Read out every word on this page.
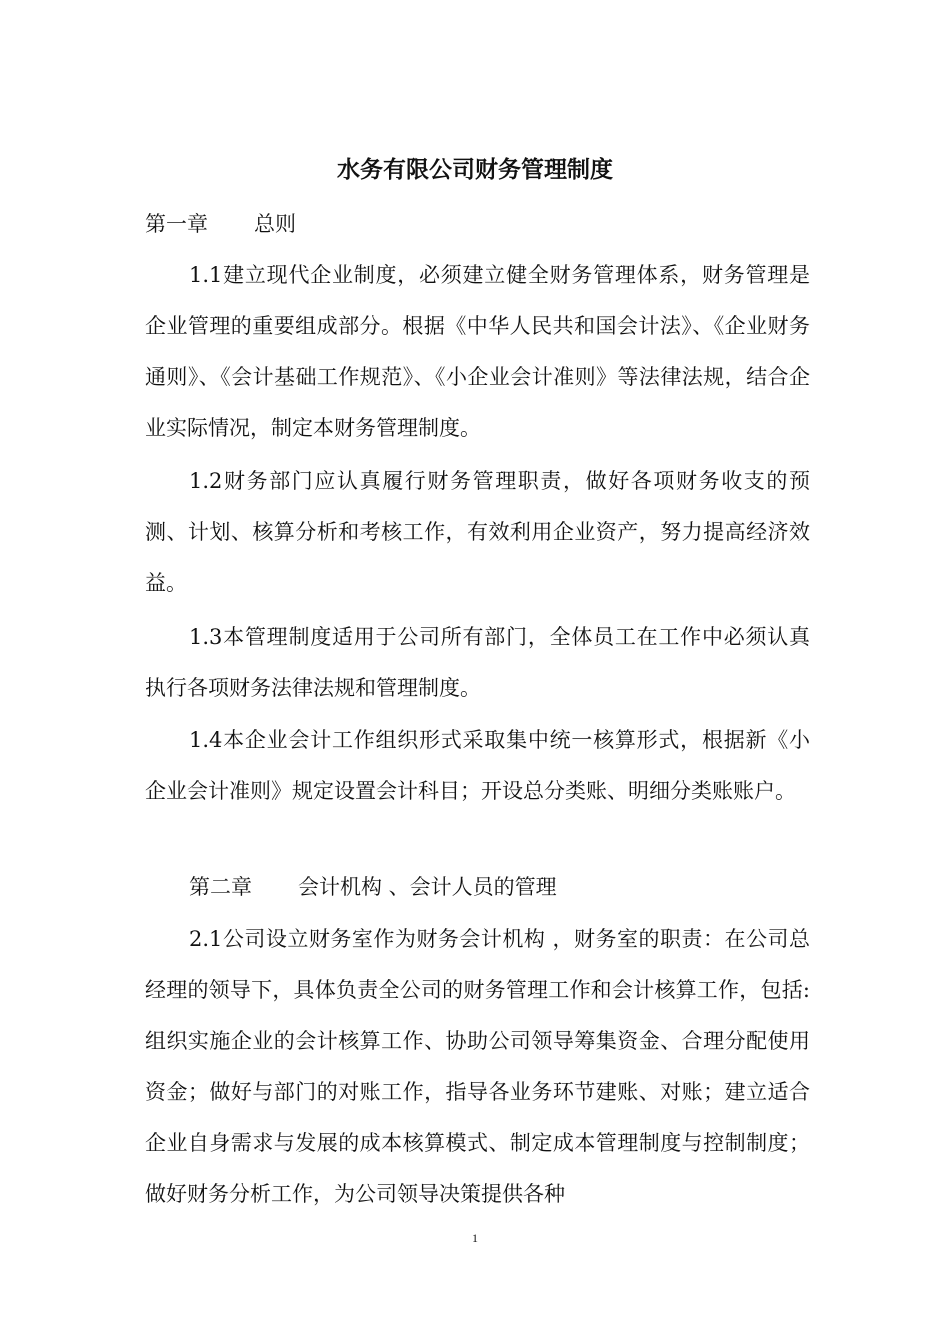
水务有限公司财务管理制度
第一章 总则

1.1建立现代企业制度，必须建立健全财务管理体系，财务管理是企业管理的重要组成部分。根据《中华人民共和国会计法》、《企业财务通则》、《会计基础工作规范》、《小企业会计准则》等法律法规，结合企业实际情况，制定本财务管理制度。

1.2财务部门应认真履行财务管理职责，做好各项财务收支的预测、计划、核算分析和考核工作，有效利用企业资产，努力提高经济效益。

1.3本管理制度适用于公司所有部门，全体员工在工作中必须认真执行各项财务法律法规和管理制度。

1.4本企业会计工作组织形式采取集中统一核算形式，根据新《小企业会计准则》规定设置会计科目；开设总分类账、明细分类账账户。

第二章 会计机构 、会计人员的管理

2.1公司设立财务室作为财务会计机构 ，财务室的职责：在公司总经理的领导下，具体负责全公司的财务管理工作和会计核算工作，包括:组织实施企业的会计核算工作、协助公司领导筹集资金、合理分配使用资金；做好与部门的对账工作，指导各业务环节建账、对账；建立适合企业自身需求与发展的成本核算模式、制定成本管理制度与控制制度；做好财务分析工作，为公司领导决策提供各种

1
